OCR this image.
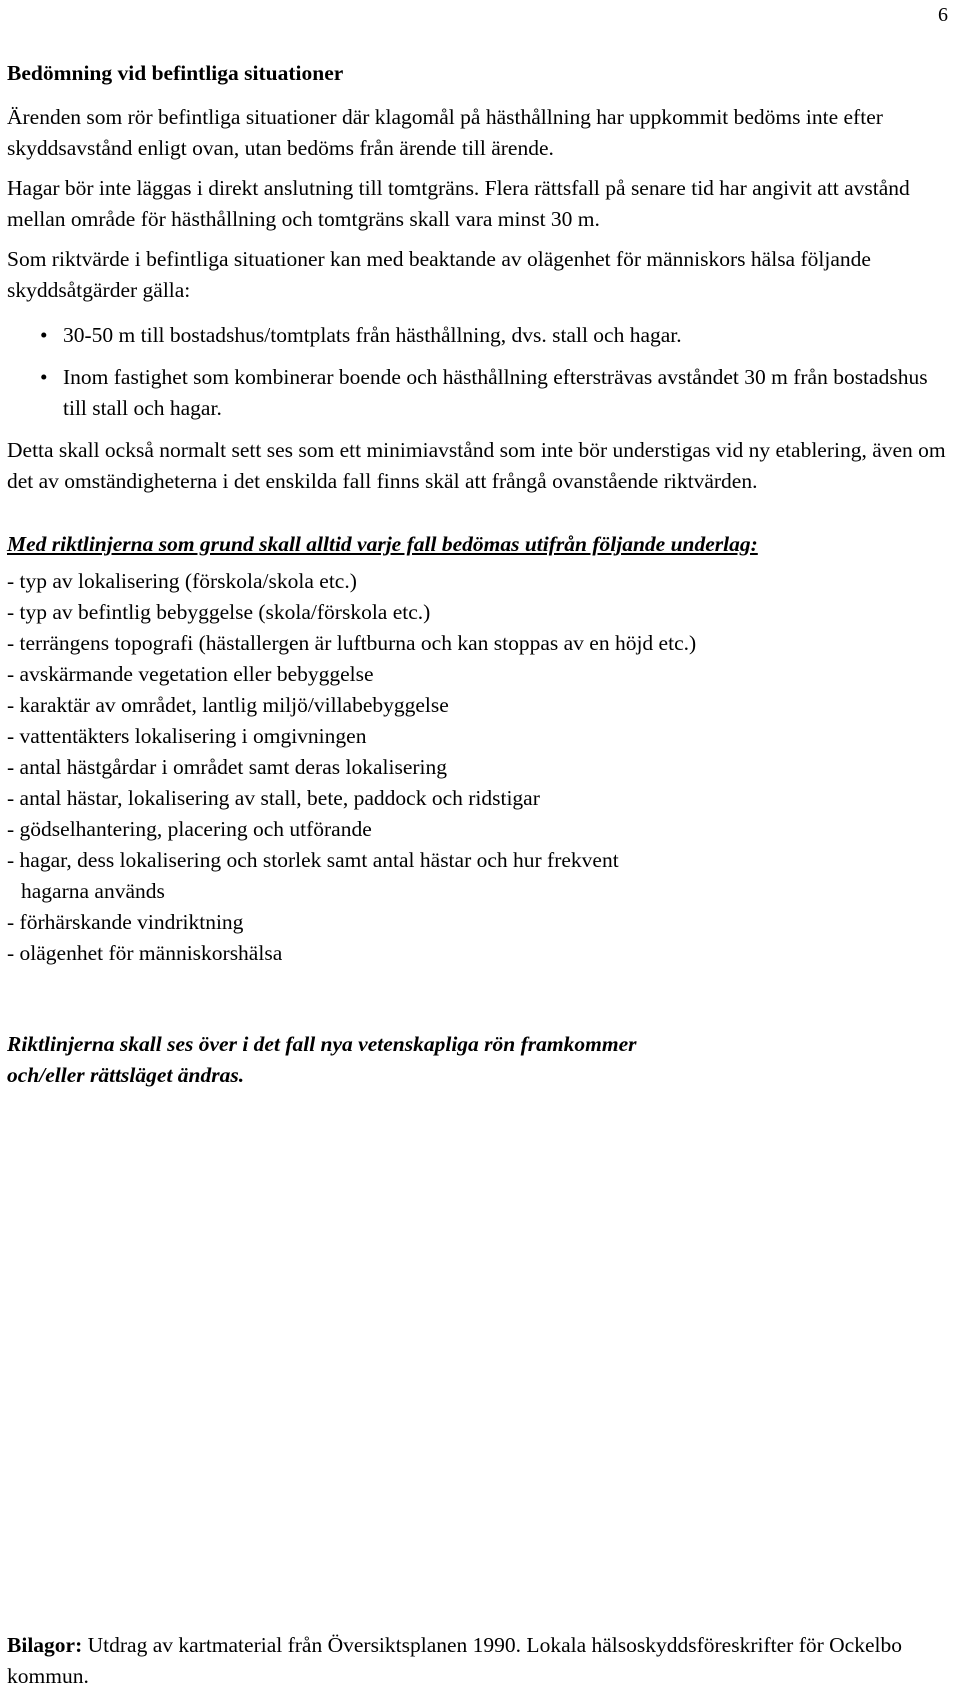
6

Bedömning vid befintliga situationer

Ärenden som rör befintliga situationer där klagomål på hästhållning har uppkommit bedöms inte efter skyddsavstånd enligt ovan, utan bedöms från ärende till ärende.

Hagar bör inte läggas i direkt anslutning till tomtgräns. Flera rättsfall på senare tid har angivit att avstånd mellan område för hästhållning och tomtgräns skall vara minst 30 m.

Som riktvärde i befintliga situationer kan med beaktande av olägenhet för människors hälsa följande skyddsåtgärder gälla:

• 30-50 m till bostadshus/tomtplats från hästhållning, dvs. stall och hagar.
• Inom fastighet som kombinerar boende och hästhållning eftersträvas avståndet 30 m från bostadshus till stall och hagar.

Detta skall också normalt sett ses som ett minimiavstånd som inte bör understigas vid ny etablering, även om det av omständigheterna i det enskilda fall finns skäl att frångå ovanstående riktvärden.

Med riktlinjerna som grund skall alltid varje fall bedömas utifrån följande underlag:

- typ av lokalisering (förskola/skola etc.)
- typ av befintlig bebyggelse (skola/förskola etc.)
- terrängens topografi (hästallergen är luftburna och kan stoppas av en höjd etc.)
- avskärmande vegetation eller bebyggelse
- karaktär av området, lantlig miljö/villabebyggelse
- vattentäkters lokalisering i omgivningen
- antal hästgårdar i området samt deras lokalisering
- antal hästar, lokalisering av stall, bete, paddock och ridstigar
- gödselhantering, placering och utförande
- hagar, dess lokalisering och storlek samt antal hästar och hur frekvent
hagarna används
- förhärskande vindriktning
- olägenhet för människorshälsa

Riktlinjerna skall ses över i det fall nya vetenskapliga rön framkommer

och/eller rättsläget ändras.

Bilagor: Utdrag av kartmaterial från Översiktsplanen 1990. Lokala hälsoskyddsföreskrifter för Ockelbo kommun.
